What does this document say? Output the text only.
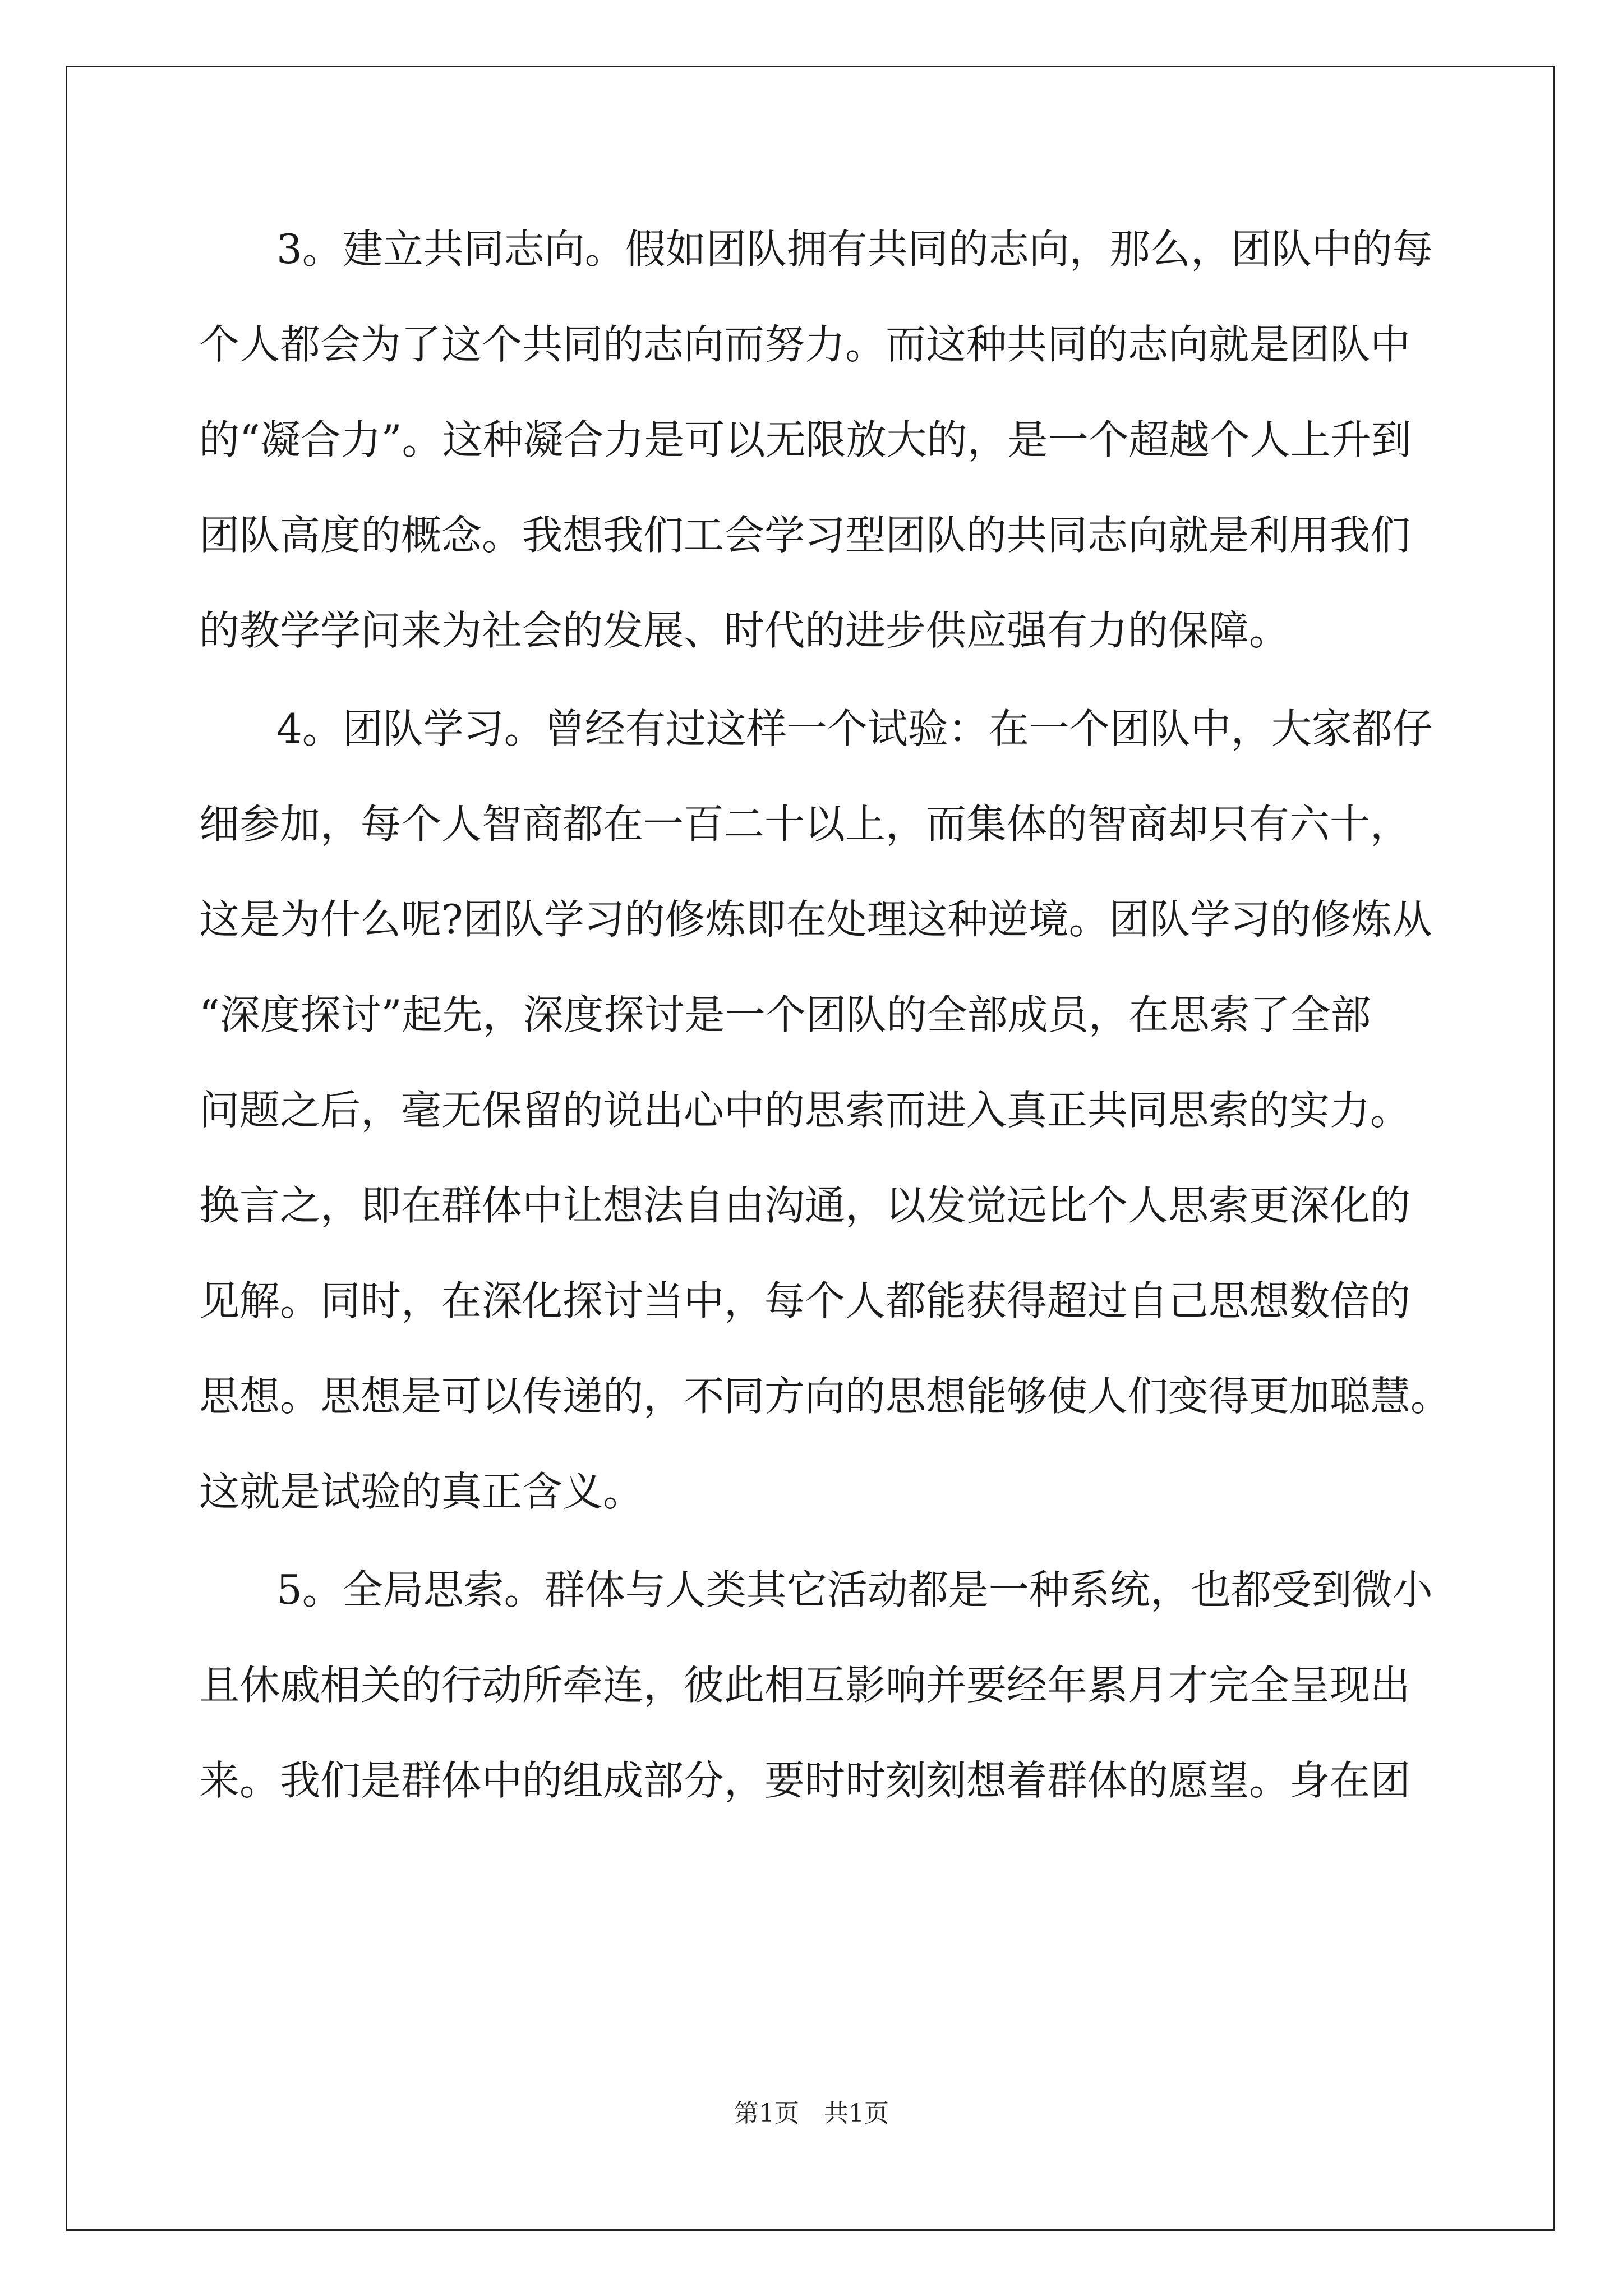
3。建立共同志向。假如团队拥有共同的志向，那么，团队中的每
个人都会为了这个共同的志向而努力。而这种共同的志向就是团队中
的“凝合力”。这种凝合力是可以无限放大的，是一个超越个人上升到
团队高度的概念。我想我们工会学习型团队的共同志向就是利用我们
的教学学问来为社会的发展、时代的进步供应强有力的保障。
4。团队学习。曾经有过这样一个试验：在一个团队中，大家都仔
细参加，每个人智商都在一百二十以上，而集体的智商却只有六十，
这是为什么呢?团队学习的修炼即在处理这种逆境。团队学习的修炼从
“深度探讨”起先，深度探讨是一个团队的全部成员，在思索了全部
问题之后，毫无保留的说出心中的思索而进入真正共同思索的实力。
换言之，即在群体中让想法自由沟通，以发觉远比个人思索更深化的
见解。同时，在深化探讨当中，每个人都能获得超过自己思想数倍的
思想。思想是可以传递的，不同方向的思想能够使人们变得更加聪慧。
这就是试验的真正含义。
5。全局思索。群体与人类其它活动都是一种系统，也都受到微小
且休戚相关的行动所牵连，彼此相互影响并要经年累月才完全呈现出
来。我们是群体中的组成部分，要时时刻刻想着群体的愿望。身在团
第1页　共1页
